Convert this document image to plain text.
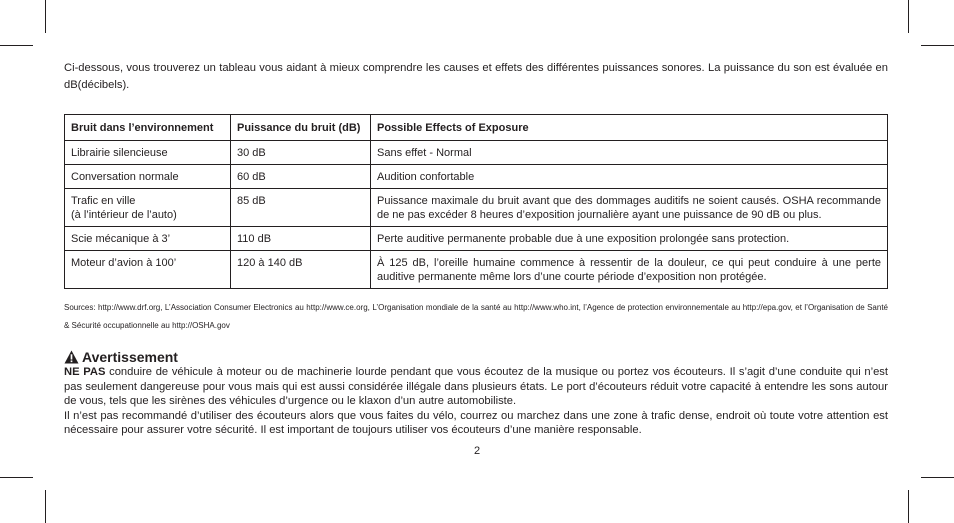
Ci-dessous, vous trouverez un tableau vous aidant à mieux comprendre les causes et effets des différentes puissances sonores. La puissance du son est évaluée en dB(décibels).

Bruit dans l’environnement	Puissance du bruit (dB)	Possible Effects of Exposure
Librairie silencieuse	30 dB	Sans effet - Normal
Conversation normale	60 dB	Audition confortable

Trafic en ville
(à l’intérieur de l’auto)	85 dB	Puissance maximale du bruit avant que des dommages auditifs ne soient causés. OSHA recommande de ne pas excéder 8 heures d’exposition journalière ayant une puissance de 90 dB ou plus.
Scie mécanique à 3’	110 dB	Perte auditive permanente probable due à une exposition prolongée sans protection.
Moteur d’avion à 100’	120 à 140 dB	À 125 dB, l’oreille humaine commence à ressentir de la douleur, ce qui peut conduire à une perte auditive permanente même lors d’une courte période d’exposition non protégée.

Sources: http://www.drf.org, L’Association Consumer Electronics au http://www.ce.org, L’Organisation mondiale de la santé au http://www.who.int, l’Agence de protection environnementale au http://epa.gov, et l’Organisation de Santé & Sécurité occupationnelle au http://OSHA.gov

Avertissement
NE PAS conduire de véhicule à moteur ou de machinerie lourde pendant que vous écoutez de la musique ou portez vos écouteurs. Il s’agit d’une conduite qui n’est pas seulement dangereuse pour vous mais qui est aussi considérée illégale dans plusieurs états. Le port d’écouteurs réduit votre capacité à entendre les sons autour de vous, tels que les sirènes des véhicules d’urgence ou le klaxon d’un autre automobiliste.
Il n’est pas recommandé d’utiliser des écouteurs alors que vous faites du vélo, courrez ou marchez dans une zone à trafic dense, endroit où toute votre attention est nécessaire pour assurer votre sécurité. Il est important de toujours utiliser vos écouteurs d’une manière responsable.
2
